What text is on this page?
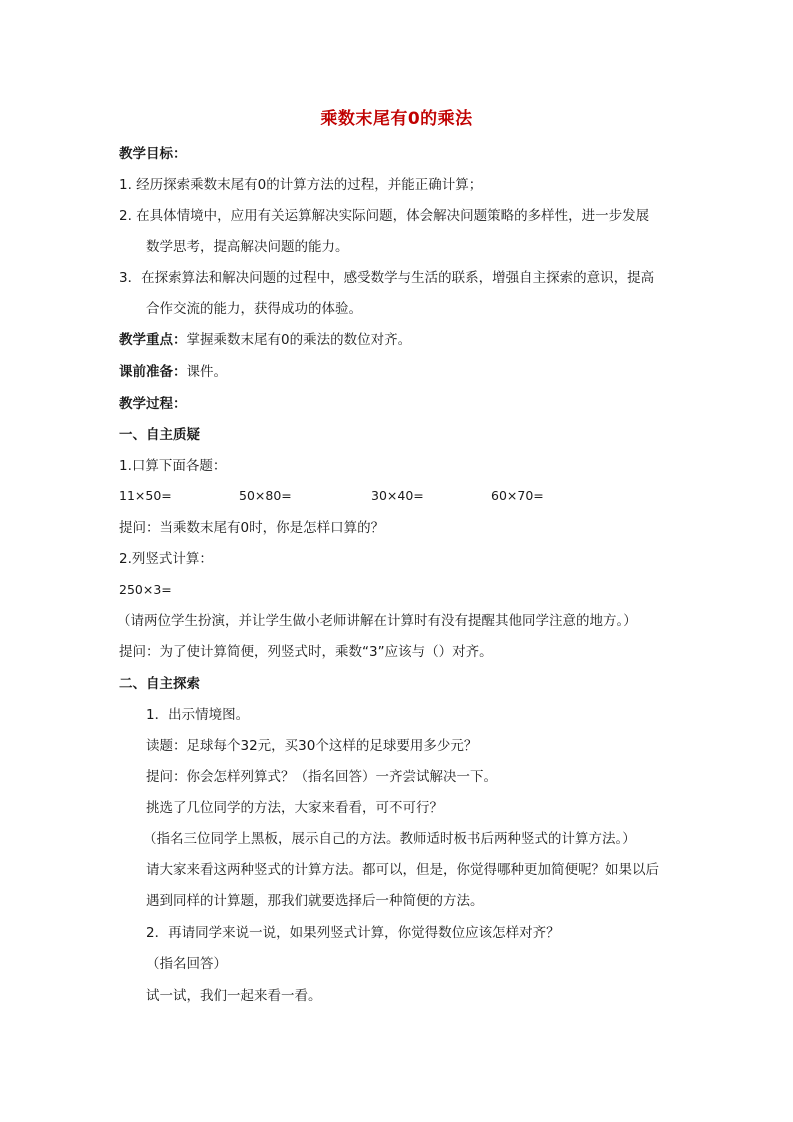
乘数末尾有0的乘法
教学目标：
1. 经历探索乘数末尾有0的计算方法的过程，并能正确计算；
2. 在具体情境中，应用有关运算解决实际问题，体会解决问题策略的多样性，进一步发展
数学思考，提高解决问题的能力。
3．在探索算法和解决问题的过程中，感受数学与生活的联系，增强自主探索的意识，提高
合作交流的能力，获得成功的体验。
教学重点：掌握乘数末尾有0的乘法的数位对齐。
课前准备：课件。
教学过程：
一、自主质疑
1.口算下面各题：
11×50=	50×80=	30×40=	60×70=
提问：当乘数末尾有0时，你是怎样口算的？
2.列竖式计算：
250×3=
（请两位学生扮演，并让学生做小老师讲解在计算时有没有提醒其他同学注意的地方。）
提问：为了使计算简便，列竖式时，乘数“3”应该与（）对齐。
二、自主探索
1．出示情境图。
读题：足球每个32元，买30个这样的足球要用多少元？
提问：你会怎样列算式？（指名回答）一齐尝试解决一下。
挑选了几位同学的方法，大家来看看，可不可行？
（指名三位同学上黑板，展示自己的方法。教师适时板书后两种竖式的计算方法。）
请大家来看这两种竖式的计算方法。都可以，但是，你觉得哪种更加简便呢？如果以后
遇到同样的计算题，那我们就要选择后一种简便的方法。
2．再请同学来说一说，如果列竖式计算，你觉得数位应该怎样对齐？
（指名回答）
试一试，我们一起来看一看。
